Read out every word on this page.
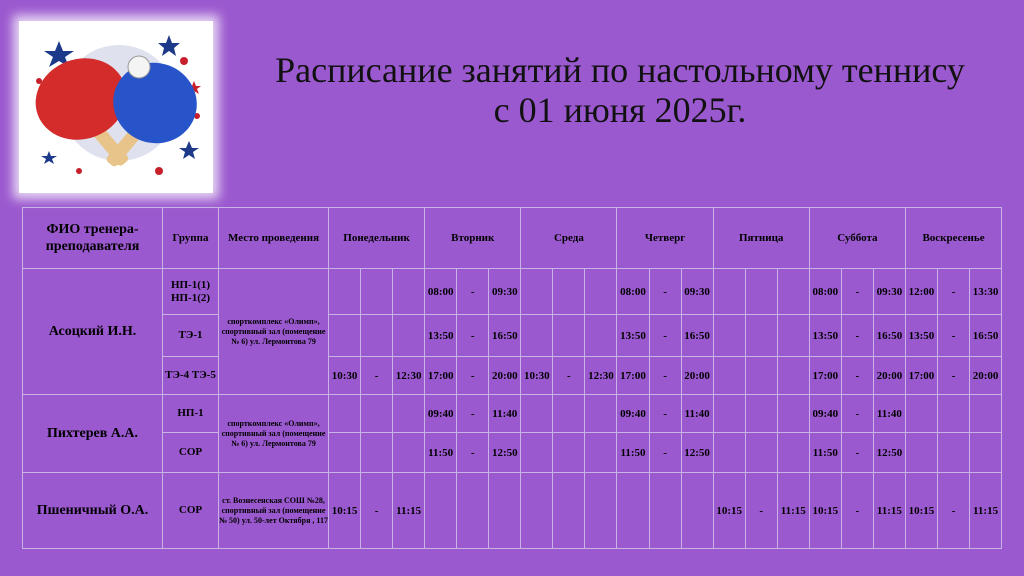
Расписание занятий по настольному теннису
с 01 июня 2025г.
ФИО тренера-преподавателя	Группа	Место проведения	Понедельник			Вторник			Среда			Четверг			Пятница			Суббота			Воскресенье		
Асоцкий И.Н.	НП-1(1) НП-1(2)	спорткомплекс «Олимп», спортивный зал (помещение № 6) ул. Лермонтова 79				08:00	-	09:30				08:00	-	09:30				08:00	-	09:30	12:00	-	13:30
	ТЭ-1					13:50	-	16:50				13:50	-	16:50				13:50	-	16:50	13:50	-	16:50
	ТЭ-4 ТЭ-5		10:30	-	12:30	17:00	-	20:00	10:30	-	12:30	17:00	-	20:00				17:00	-	20:00	17:00	-	20:00
Пихтерев А.А.	НП-1	спорткомплекс «Олимп», спортивный зал (помещение № 6) ул. Лермонтова 79				09:40	-	11:40				09:40	-	11:40				09:40	-	11:40			
	СОР					11:50	-	12:50				11:50	-	12:50				11:50	-	12:50			
Пшеничный О.А.	СОР	ст. Вознесенская СОШ №28, спортивный зал (помещение № 50) ул. 50-лет Октября , 117	10:15	-	11:15										10:15	-	11:15	10:15	-	11:15	10:15	-	11:15
